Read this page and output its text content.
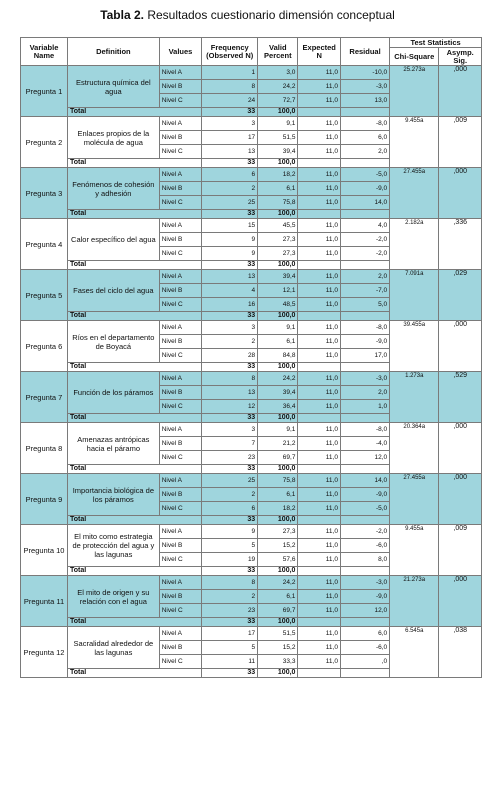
Tabla 2. Resultados cuestionario dimensión conceptual
Variable Name	Definition	Values	Frequency (Observed N)	Valid Percent	Expected N	Residual	Test Statistics	
							Chi-Square	Asymp. Sig.
Pregunta 1	Estructura química del agua	Nivel A	1	3,0	11,0	-10,0	25.273a	,000
		Nivel B	8	24,2	11,0	-3,0		
		Nivel C	24	72,7	11,0	13,0		
	Total		33	100,0				
Pregunta 2	Enlaces propios de la molécula de agua	Nivel A	3	9,1	11,0	-8,0	9.455a	,009
		Nivel B	17	51,5	11,0	6,0		
		Nivel C	13	39,4	11,0	2,0		
	Total		33	100,0				
Pregunta 3	Fenómenos de cohesión y adhesión	Nivel A	6	18,2	11,0	-5,0	27.455a	,000
		Nivel B	2	6,1	11,0	-9,0		
		Nivel C	25	75,8	11,0	14,0		
	Total		33	100,0				
Pregunta 4	Calor específico del agua	Nivel A	15	45,5	11,0	4,0	2.182a	,336
		Nivel B	9	27,3	11,0	-2,0		
		Nivel C	9	27,3	11,0	-2,0		
	Total		33	100,0				
Pregunta 5	Fases del ciclo del agua	Nivel A	13	39,4	11,0	2,0	7.091a	,029
		Nivel B	4	12,1	11,0	-7,0		
		Nivel C	16	48,5	11,0	5,0		
	Total		33	100,0				
Pregunta 6	Ríos en el departamento de Boyacá	Nivel A	3	9,1	11,0	-8,0	39.455a	,000
		Nivel B	2	6,1	11,0	-9,0		
		Nivel C	28	84,8	11,0	17,0		
	Total		33	100,0				
Pregunta 7	Función de los páramos	Nivel A	8	24,2	11,0	-3,0	1.273a	,529
		Nivel B	13	39,4	11,0	2,0		
		Nivel C	12	36,4	11,0	1,0		
	Total		33	100,0				
Pregunta 8	Amenazas antrópicas hacia el páramo	Nivel A	3	9,1	11,0	-8,0	20.364a	,000
		Nivel B	7	21,2	11,0	-4,0		
		Nivel C	23	69,7	11,0	12,0		
	Total		33	100,0				
Pregunta 9	Importancia biológica de los páramos	Nivel A	25	75,8	11,0	14,0	27.455a	,000
		Nivel B	2	6,1	11,0	-9,0		
		Nivel C	6	18,2	11,0	-5,0		
	Total		33	100,0				
Pregunta 10	El mito como estrategia de protección del agua y las lagunas	Nivel A	9	27,3	11,0	-2,0	9.455a	,009
		Nivel B	5	15,2	11,0	-6,0		
		Nivel C	19	57,6	11,0	8,0		
	Total		33	100,0				
Pregunta 11	El mito de origen y su relación con el agua	Nivel A	8	24,2	11,0	-3,0	21.273a	,000
		Nivel B	2	6,1	11,0	-9,0		
		Nivel C	23	69,7	11,0	12,0		
	Total		33	100,0				
Pregunta 12	Sacralidad alrededor de las lagunas	Nivel A	17	51,5	11,0	6,0	6.545a	,038
		Nivel B	5	15,2	11,0	-6,0		
		Nivel C	11	33,3	11,0	,0		
	Total		33	100,0				
